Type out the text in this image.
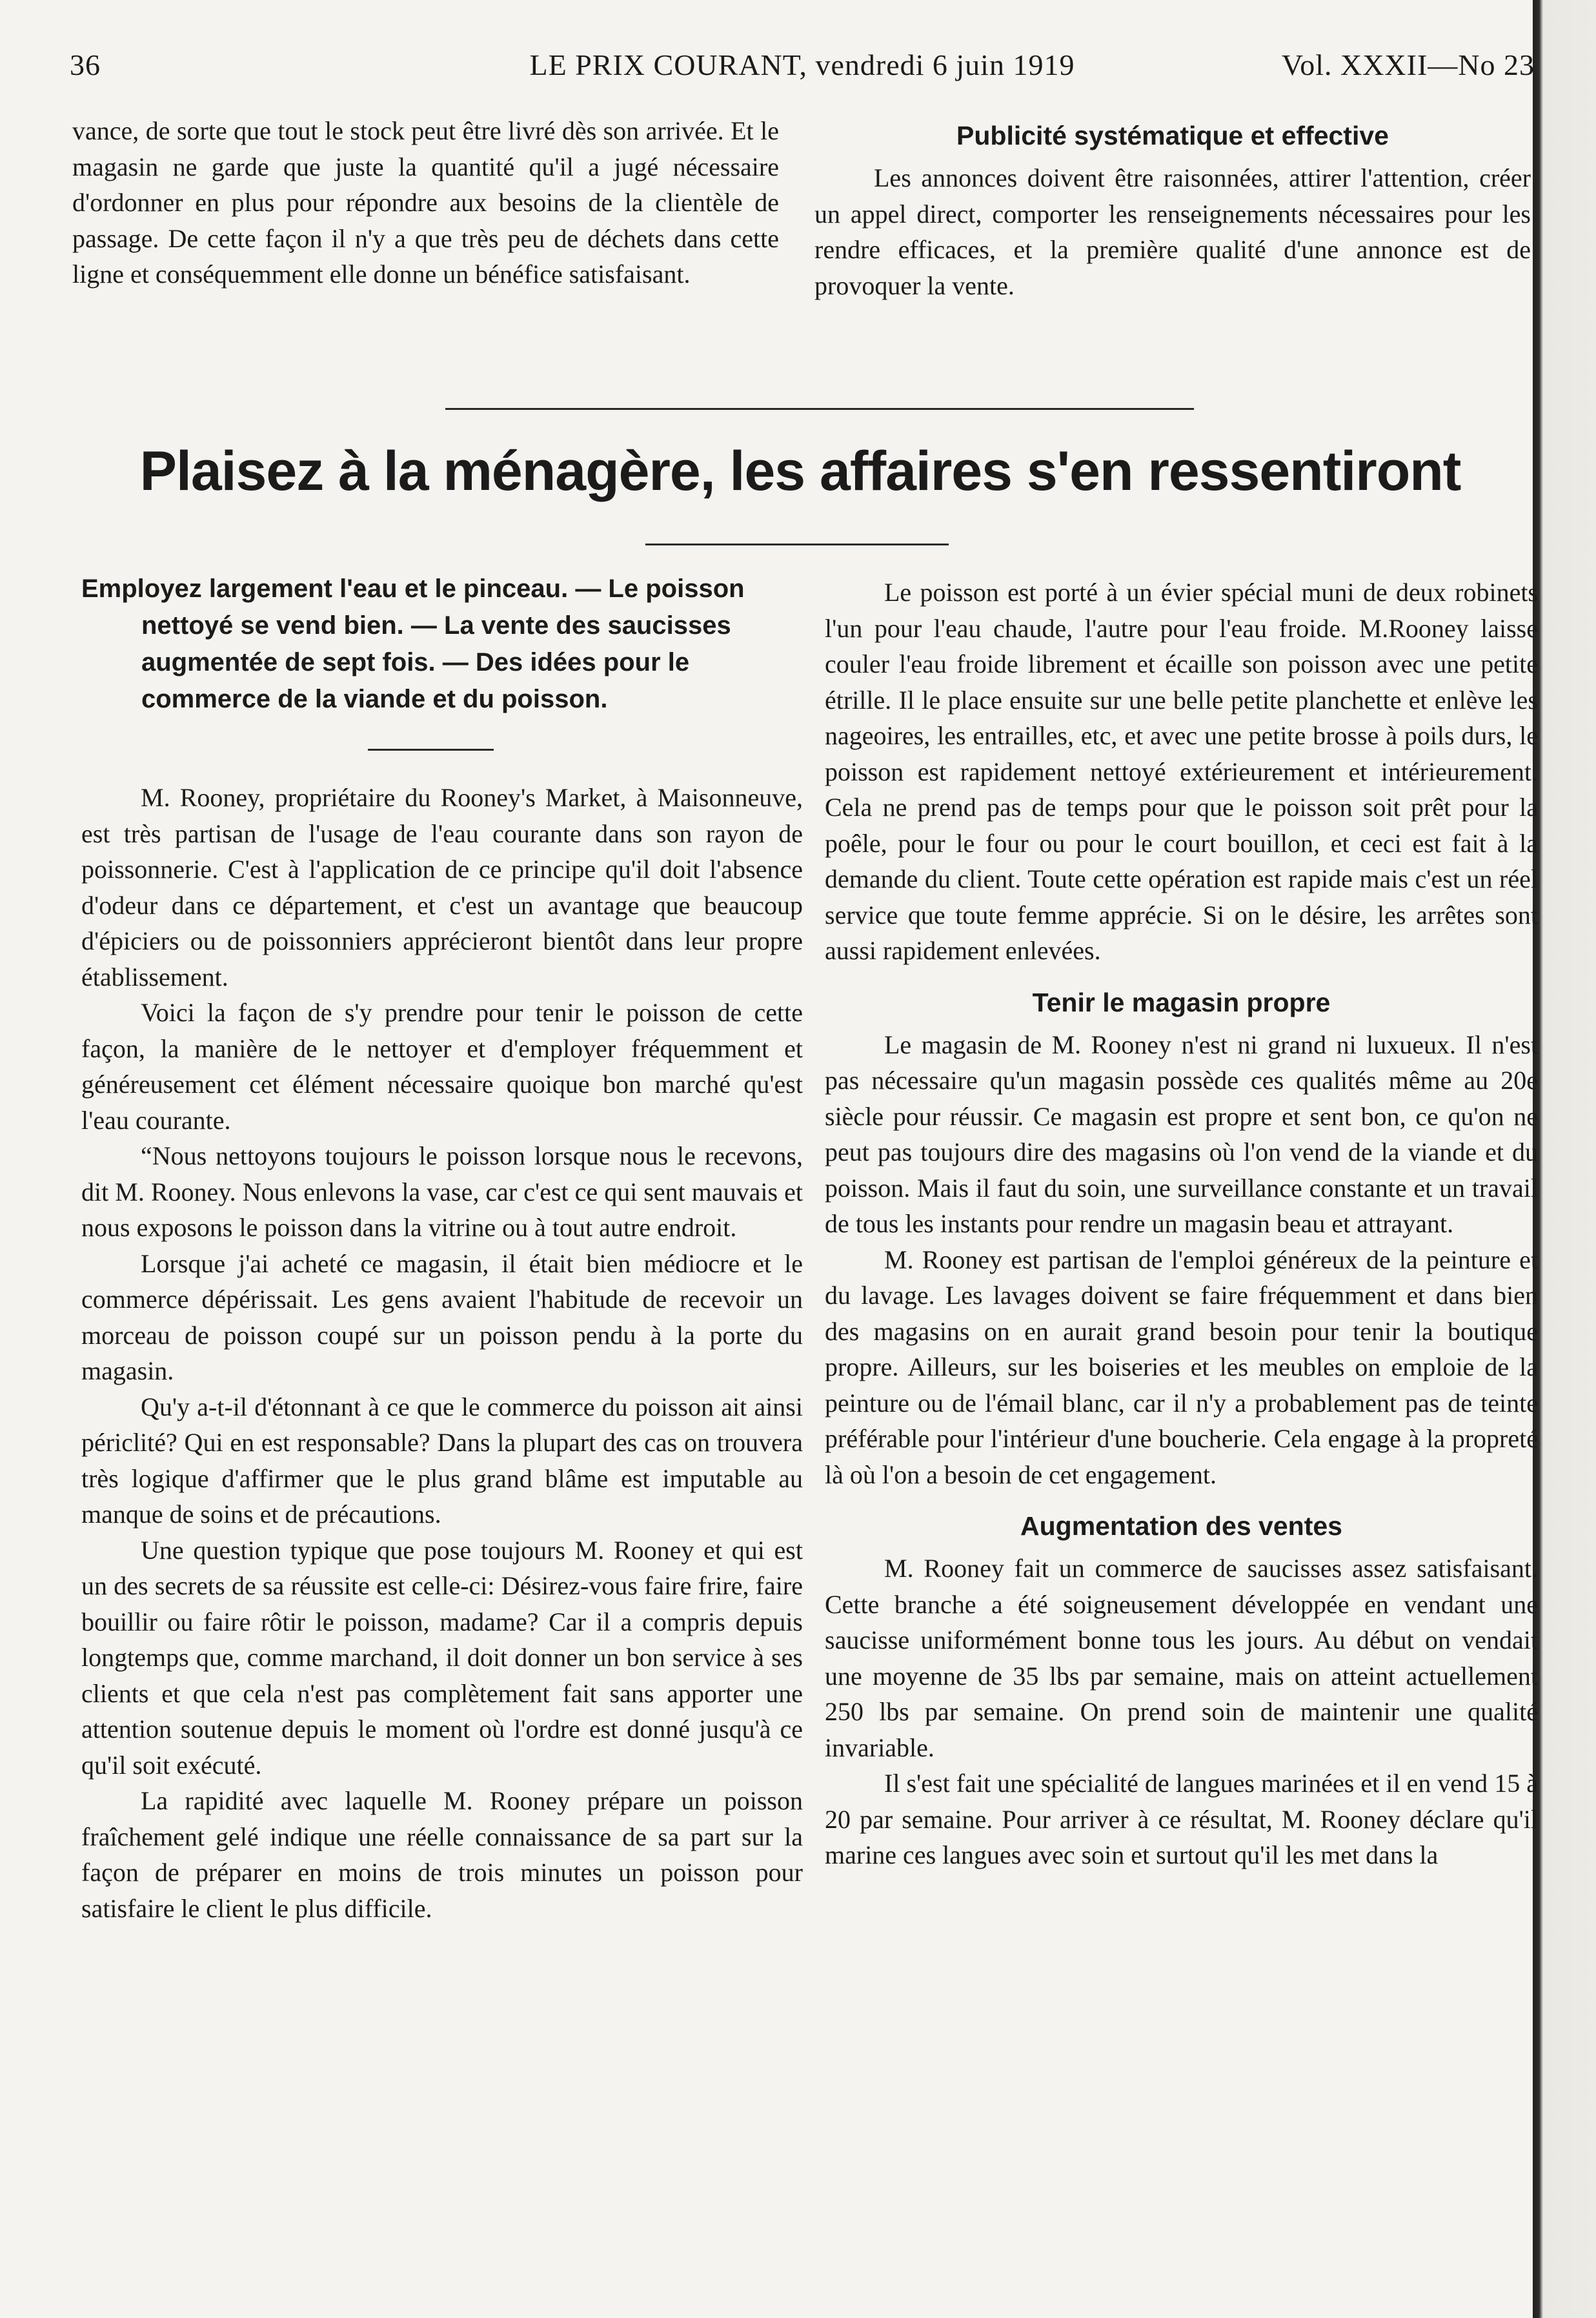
36	LE PRIX COURANT, vendredi 6 juin 1919	Vol. XXXII—No 23

vance, de sorte que tout le stock peut être livré dès son arrivée. Et le magasin ne garde que juste la quantité qu'il a jugé nécessaire d'ordonner en plus pour répondre aux besoins de la clientèle de passage. De cette façon il n'y a que très peu de déchets dans cette ligne et conséquemment elle donne un bénéfice satisfaisant.

Publicité systématique et effective

Les annonces doivent être raisonnées, attirer l'attention, créer un appel direct, comporter les renseignements nécessaires pour les rendre efficaces, et la première qualité d'une annonce est de provoquer la vente.

Plaisez à la ménagère, les affaires s'en ressentiront

Employez largement l'eau et le pinceau. — Le poisson nettoyé se vend bien. — La vente des saucisses augmentée de sept fois. — Des idées pour le commerce de la viande et du poisson.

M. Rooney, propriétaire du Rooney's Market, à Maisonneuve, est très partisan de l'usage de l'eau courante dans son rayon de poissonnerie. C'est à l'application de ce principe qu'il doit l'absence d'odeur dans ce département, et c'est un avantage que beaucoup d'épiciers ou de poissonniers apprécieront bientôt dans leur propre établissement.

Voici la façon de s'y prendre pour tenir le poisson de cette façon, la manière de le nettoyer et d'employer fréquemment et généreusement cet élément nécessaire quoique bon marché qu'est l'eau courante.

“Nous nettoyons toujours le poisson lorsque nous le recevons, dit M. Rooney. Nous enlevons la vase, car c'est ce qui sent mauvais et nous exposons le poisson dans la vitrine ou à tout autre endroit.

Lorsque j'ai acheté ce magasin, il était bien médiocre et le commerce dépérissait. Les gens avaient l'habitude de recevoir un morceau de poisson coupé sur un poisson pendu à la porte du magasin.

Qu'y a-t-il d'étonnant à ce que le commerce du poisson ait ainsi périclité? Qui en est responsable? Dans la plupart des cas on trouvera très logique d'affirmer que le plus grand blâme est imputable au manque de soins et de précautions.

Une question typique que pose toujours M. Rooney et qui est un des secrets de sa réussite est celle-ci: Désirez-vous faire frire, faire bouillir ou faire rôtir le poisson, madame? Car il a compris depuis longtemps que, comme marchand, il doit donner un bon service à ses clients et que cela n'est pas complètement fait sans apporter une attention soutenue depuis le moment où l'ordre est donné jusqu'à ce qu'il soit exécuté.

La rapidité avec laquelle M. Rooney prépare un poisson fraîchement gelé indique une réelle connaissance de sa part sur la façon de préparer en moins de trois minutes un poisson pour satisfaire le client le plus difficile.

Le poisson est porté à un évier spécial muni de deux robinets l'un pour l'eau chaude, l'autre pour l'eau froide. M.Rooney laisse couler l'eau froide librement et écaille son poisson avec une petite étrille. Il le place ensuite sur une belle petite planchette et enlève les nageoires, les entrailles, etc, et avec une petite brosse à poils durs, le poisson est rapidement nettoyé extérieurement et intérieurement. Cela ne prend pas de temps pour que le poisson soit prêt pour la poêle, pour le four ou pour le court bouillon, et ceci est fait à la demande du client. Toute cette opération est rapide mais c'est un réel service que toute femme apprécie. Si on le désire, les arrêtes sont aussi rapidement enlevées.

Tenir le magasin propre

Le magasin de M. Rooney n'est ni grand ni luxueux. Il n'est pas nécessaire qu'un magasin possède ces qualités même au 20e siècle pour réussir. Ce magasin est propre et sent bon, ce qu'on ne peut pas toujours dire des magasins où l'on vend de la viande et du poisson. Mais il faut du soin, une surveillance constante et un travail de tous les instants pour rendre un magasin beau et attrayant.

M. Rooney est partisan de l'emploi généreux de la peinture et du lavage. Les lavages doivent se faire fréquemment et dans bien des magasins on en aurait grand besoin pour tenir la boutique propre. Ailleurs, sur les boiseries et les meubles on emploie de la peinture ou de l'émail blanc, car il n'y a probablement pas de teinte préférable pour l'intérieur d'une boucherie. Cela engage à la propreté là où l'on a besoin de cet engagement.

Augmentation des ventes

M. Rooney fait un commerce de saucisses assez satisfaisant. Cette branche a été soigneusement développée en vendant une saucisse uniformément bonne tous les jours. Au début on vendait une moyenne de 35 lbs par semaine, mais on atteint actuellement 250 lbs par semaine. On prend soin de maintenir une qualité invariable.

Il s'est fait une spécialité de langues marinées et il en vend 15 à 20 par semaine. Pour arriver à ce résultat, M. Rooney déclare qu'il marine ces langues avec soin et surtout qu'il les met dans la
